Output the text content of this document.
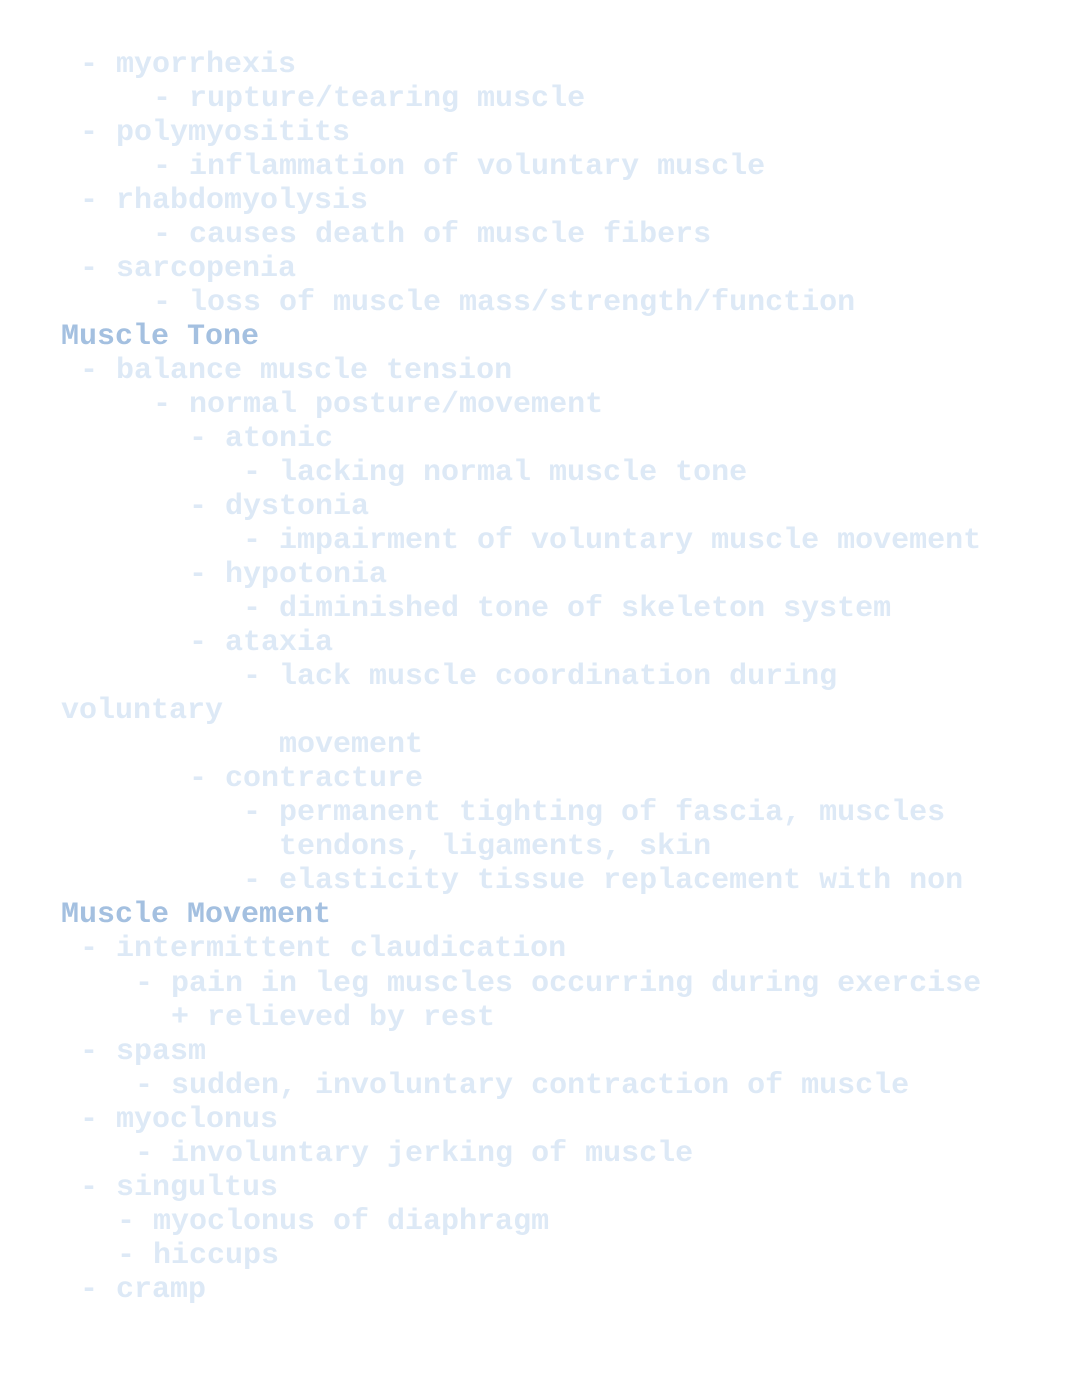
- myorrhexis
- rupture/tearing muscle
- polymyositits
- inflammation of voluntary muscle
- rhabdomyolysis
- causes death of muscle fibers
- sarcopenia
- loss of muscle mass/strength/function
Muscle Tone
- balance muscle tension
- normal posture/movement
- atonic
- lacking normal muscle tone
- dystonia
- impairment of voluntary muscle movement
- hypotonia
- diminished tone of skeleton system
- ataxia
- lack muscle coordination during
voluntary
movement
- contracture
- permanent tighting of fascia, muscles
tendons, ligaments, skin
- elasticity tissue replacement with non
Muscle Movement
- intermittent claudication
- pain in leg muscles occurring during exercise
+ relieved by rest
- spasm
- sudden, involuntary contraction of muscle
- myoclonus
- involuntary jerking of muscle
- singultus
- myoclonus of diaphragm
- hiccups
- cramp
